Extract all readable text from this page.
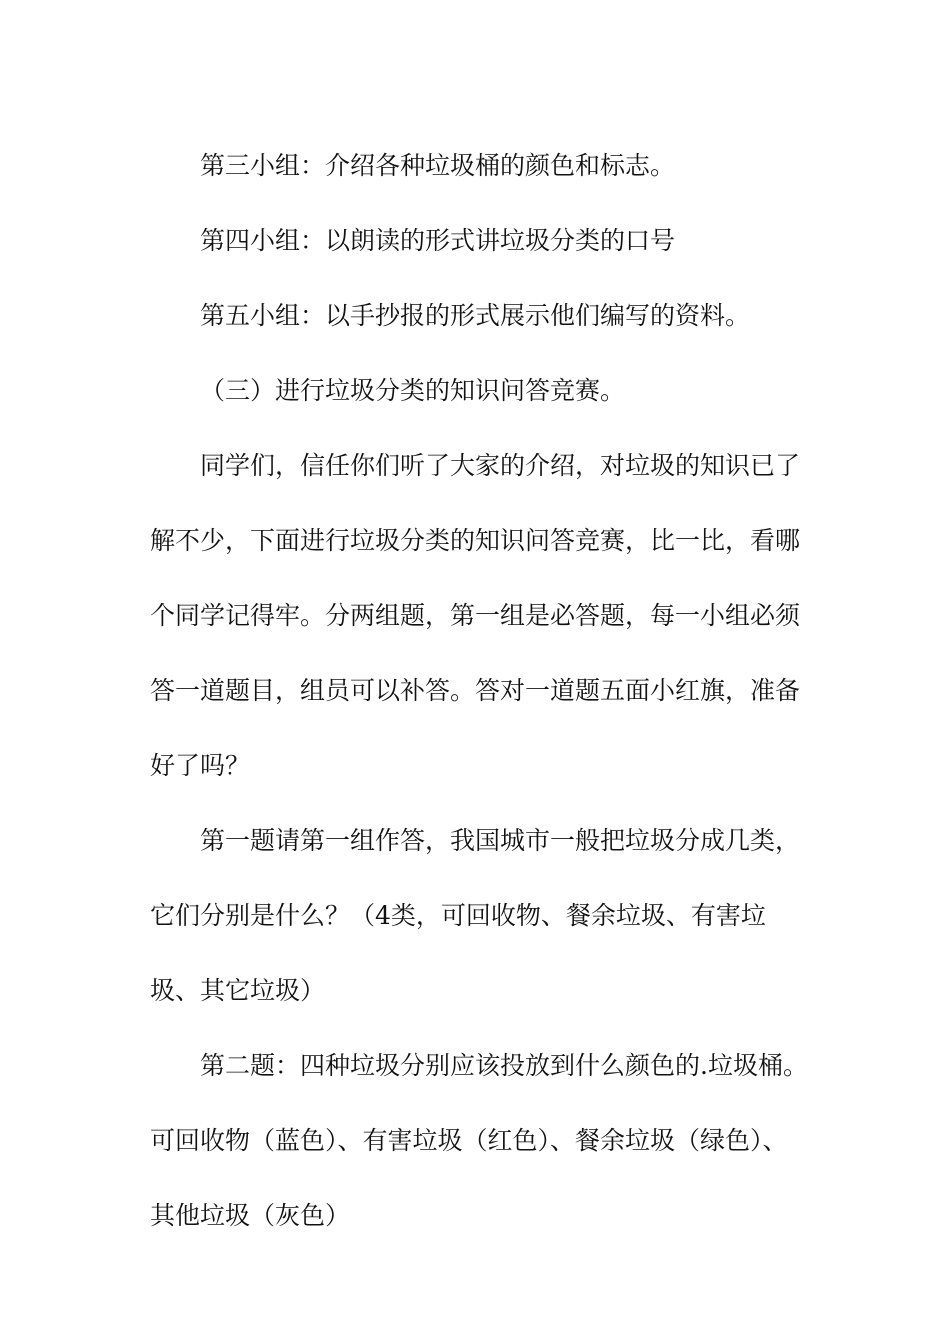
第三小组：介绍各种垃圾桶的颜色和标志。

第四小组：以朗读的形式讲垃圾分类的口号

第五小组：以手抄报的形式展示他们编写的资料。

（三）进行垃圾分类的知识问答竞赛。

同学们，信任你们听了大家的介绍，对垃圾的知识已了解不少，下面进行垃圾分类的知识问答竞赛，比一比，看哪个同学记得牢。分两组题，第一组是必答题，每一小组必须答一道题目，组员可以补答。答对一道题五面小红旗，准备好了吗？

第一题请第一组作答，我国城市一般把垃圾分成几类，它们分别是什么？（4类，可回收物、餐余垃圾、有害垃圾、其它垃圾）

第二题：四种垃圾分别应该投放到什么颜色的.垃圾桶。可回收物（蓝色）、有害垃圾（红色）、餐余垃圾（绿色）、其他垃圾（灰色）
